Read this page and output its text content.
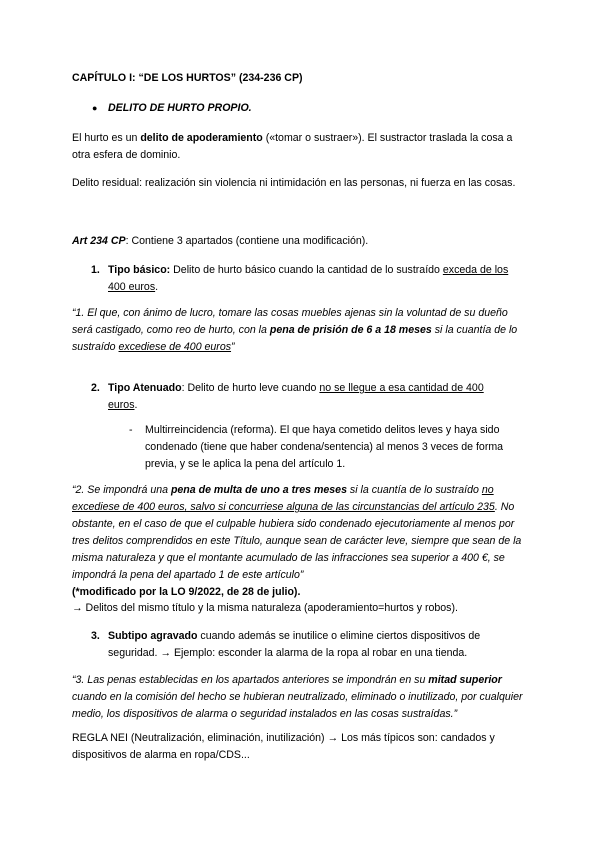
CAPÍTULO I: “DE LOS HURTOS” (234-236 CP)

● DELITO DE HURTO PROPIO.

El hurto es un delito de apoderamiento («tomar o sustraer»). El sustractor traslada la cosa a otra esfera de dominio.

Delito residual: realización sin violencia ni intimidación en las personas, ni fuerza en las cosas.

Art 234 CP: Contiene 3 apartados (contiene una modificación).

1. Tipo básico: Delito de hurto básico cuando la cantidad de lo sustraído exceda de los 400 euros.

“1. El que, con ánimo de lucro, tomare las cosas muebles ajenas sin la voluntad de su dueño será castigado, como reo de hurto, con la pena de prisión de 6 a 18 meses si la cuantía de lo sustraído excediese de 400 euros”

2. Tipo Atenuado: Delito de hurto leve cuando no se llegue a esa cantidad de 400 euros.

- Multirreincidencia (reforma). El que haya cometido delitos leves y haya sido condenado (tiene que haber condena/sentencia) al menos 3 veces de forma previa, y se le aplica la pena del artículo 1.

“2. Se impondrá una pena de multa de uno a tres meses si la cuantía de lo sustraído no excediese de 400 euros, salvo si concurriese alguna de las circunstancias del artículo 235. No obstante, en el caso de que el culpable hubiera sido condenado ejecutoriamente al menos por tres delitos comprendidos en este Título, aunque sean de carácter leve, siempre que sean de la misma naturaleza y que el montante acumulado de las infracciones sea superior a 400 €, se impondrá la pena del apartado 1 de este artículo”
(*modificado por la LO 9/2022, de 28 de julio).

→ Delitos del mismo título y la misma naturaleza (apoderamiento=hurtos y robos).

3. Subtipo agravado cuando además se inutilice o elimine ciertos dispositivos de seguridad. → Ejemplo: esconder la alarma de la ropa al robar en una tienda.

“3. Las penas establecidas en los apartados anteriores se impondrán en su mitad superior cuando en la comisión del hecho se hubieran neutralizado, eliminado o inutilizado, por cualquier medio, los dispositivos de alarma o seguridad instalados en las cosas sustraídas.”

REGLA NEI (Neutralización, eliminación, inutilización) → Los más típicos son: candados y dispositivos de alarma en ropa/CDS...
